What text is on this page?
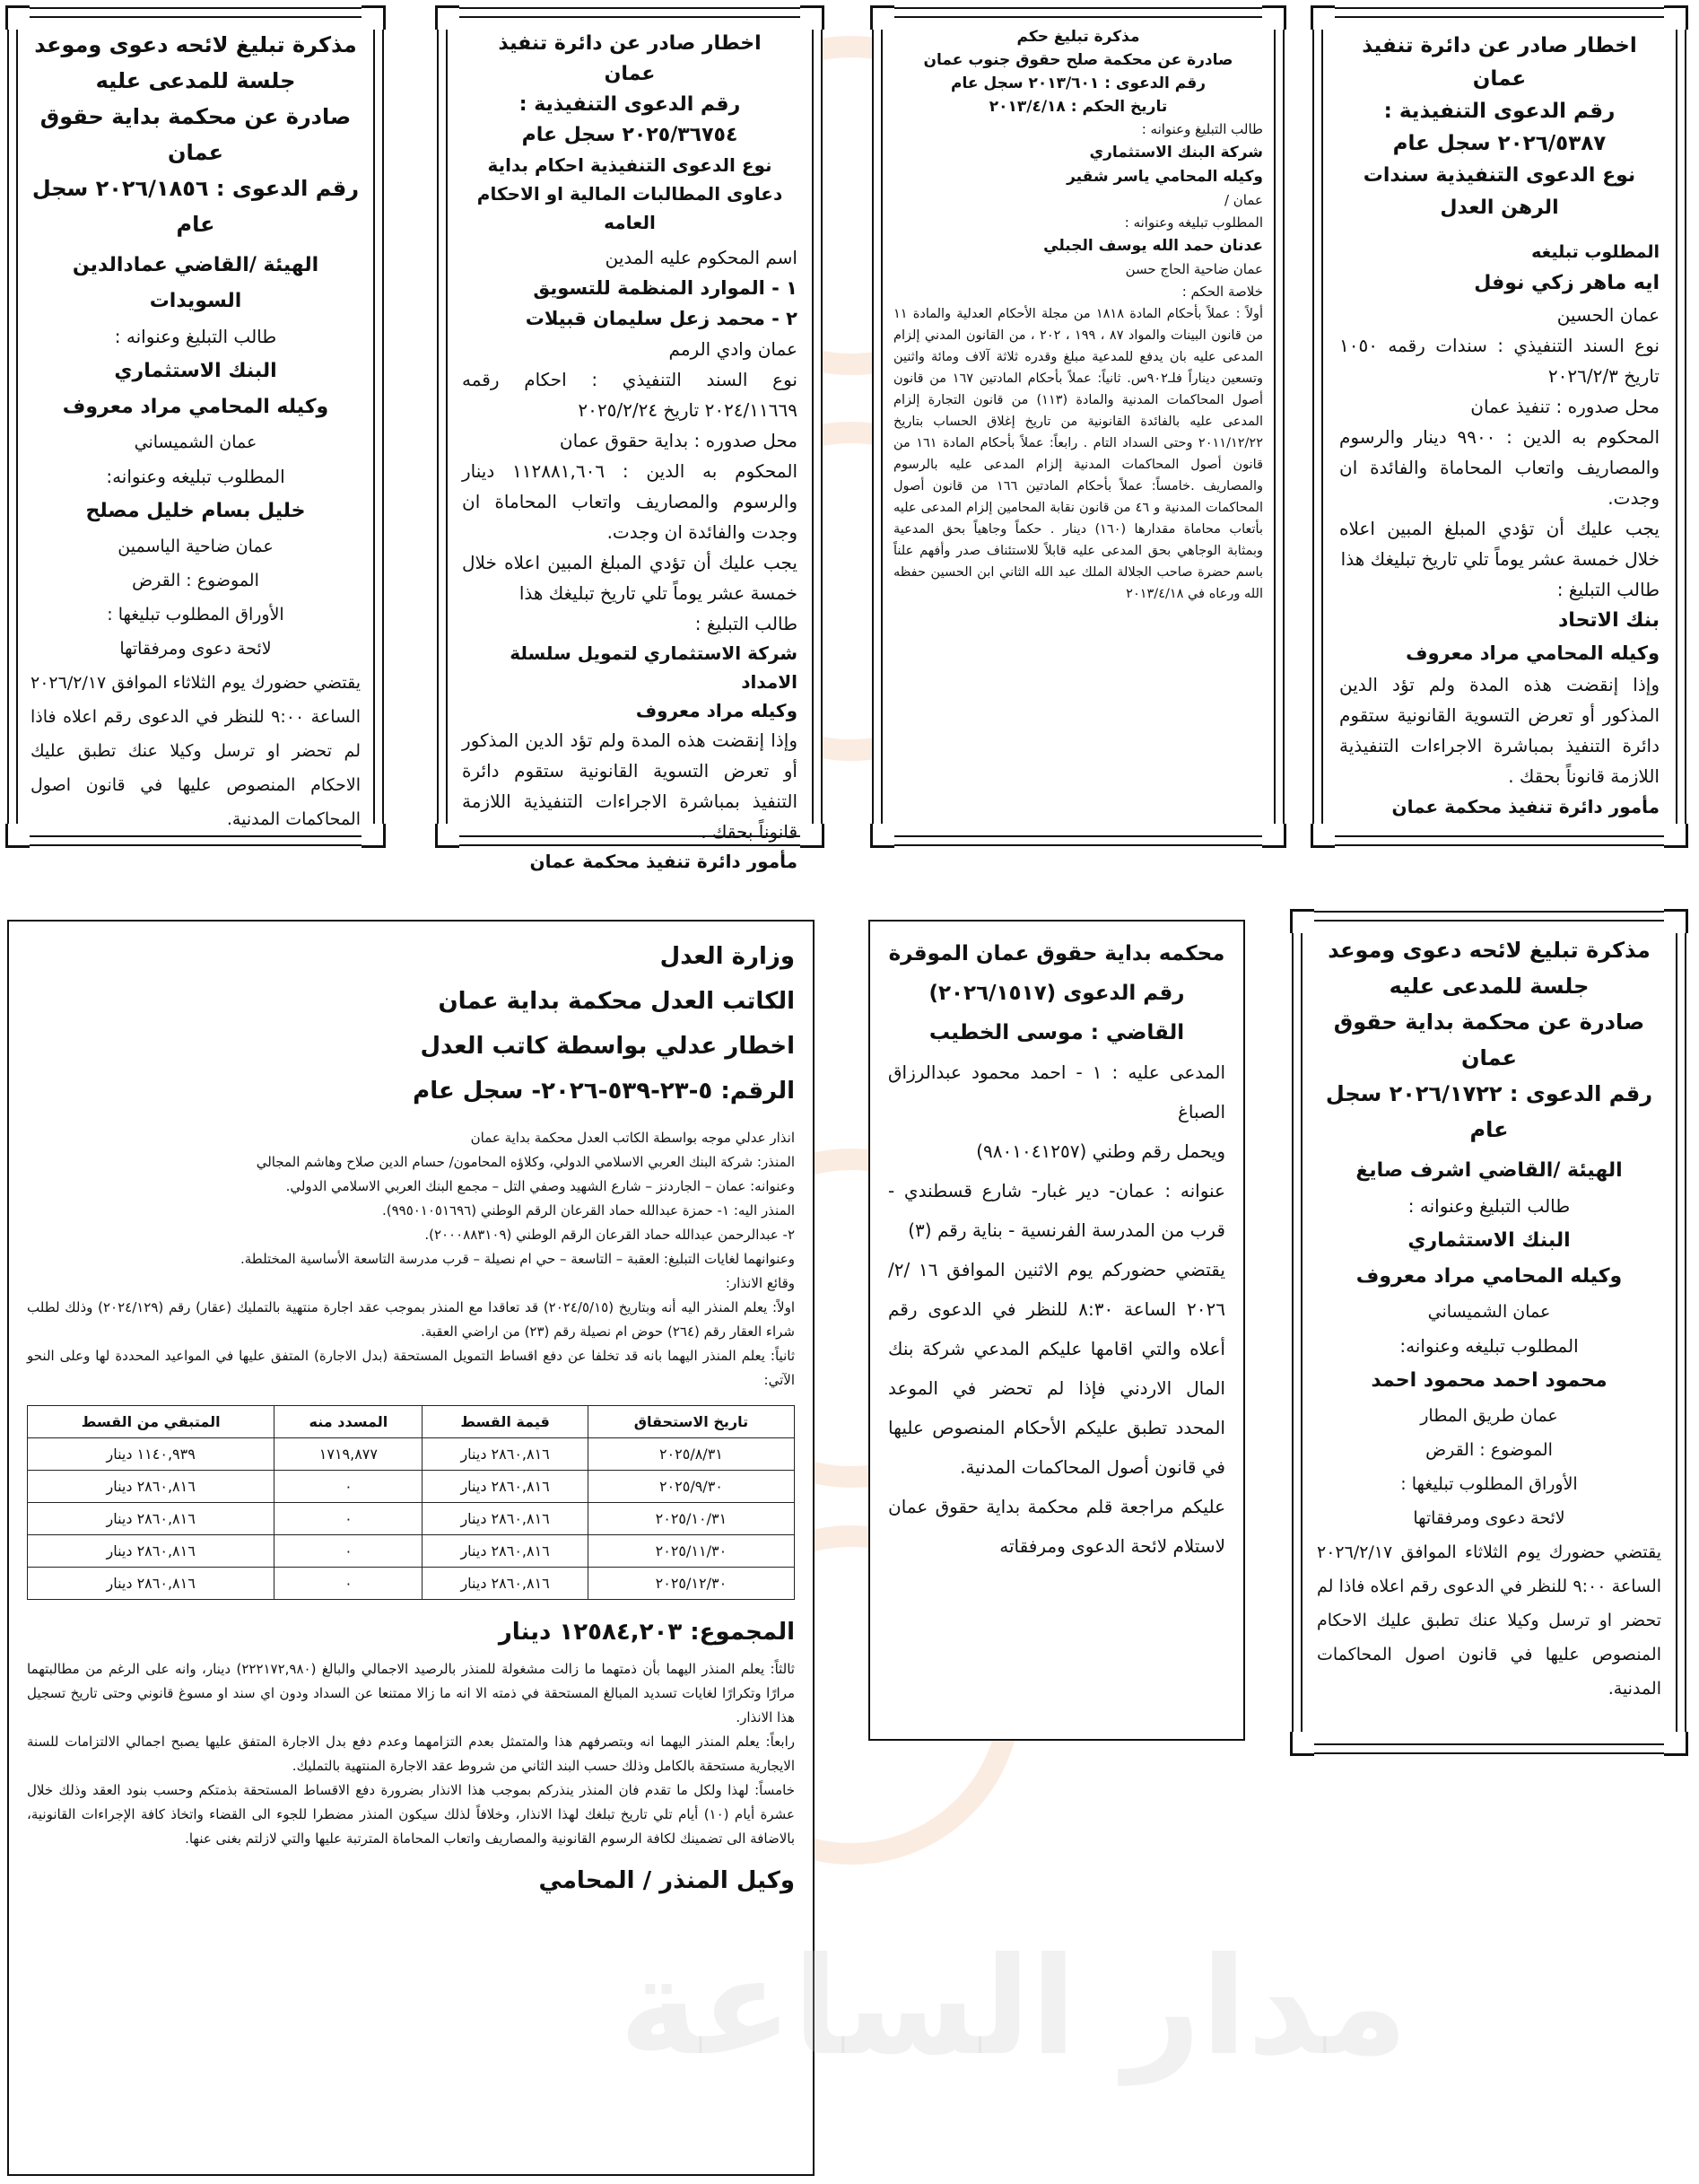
اخطار صادر عن دائرة تنفيذ

عمان

رقم الدعوى التنفيذية :

٢٠٢٦/٥٣٨٧ سجل عام

نوع الدعوى التنفيذية سندات الرهن العدل

المطلوب تبليغه

ايه ماهر زكي نوفل

عمان الحسين

نوع السند التنفيذي : سندات رقمه ١٠٥٠ تاريخ ٢٠٢٦/٢/٣

محل صدوره : تنفيذ عمان

المحكوم به الدين : ٩٩٠٠ دينار والرسوم والمصاريف واتعاب المحاماة والفائدة ان وجدت.

يجب عليك أن تؤدي المبلغ المبين اعلاه خلال خمسة عشر يوماً تلي تاريخ تبليغك هذا

طالب التبليغ :

بنك الاتحاد

وكيله المحامي مراد معروف

وإذا إنقضت هذه المدة ولم تؤد الدين المذكور أو تعرض التسوية القانونية ستقوم دائرة التنفيذ بمباشرة الاجراءات التنفيذية اللازمة قانوناً بحقك .

مأمور دائرة تنفيذ محكمة عمان

مذكرة تبليغ حكم

صادرة عن محكمة صلح حقوق جنوب عمان

رقم الدعوى : ٢٠١٣/٦٠١ سجل عام

تاريخ الحكم : ٢٠١٣/٤/١٨

طالب التبليغ وعنوانه :

شركة البنك الاستثماري

وكيله المحامي ياسر شقير

عمان /

المطلوب تبليغه وعنوانه :

عدنان حمد الله يوسف الجبلي

عمان ضاحية الحاج حسن

خلاصة الحكم :

أولاً : عملاً بأحكام المادة ١٨١٨ من مجلة الأحكام العدلية والمادة ١١ من قانون البينات والمواد ٨٧ ، ١٩٩ ، ٢٠٢ ، من القانون المدني إلزام المدعى عليه بان يدفع للمدعية مبلغ وقدره ثلاثة آلاف ومائة واثنين وتسعين ديناراً فلـ٩٠٢س. ثانياً: عملاً بأحكام المادتين ١٦٧ من قانون أصول المحاكمات المدنية والمادة (١١٣) من قانون التجارة إلزام المدعى عليه بالفائدة القانونية من تاريخ إغلاق الحساب بتاريخ ٢٠١١/١٢/٢٢ وحتى السداد التام . رابعاً: عملاً بأحكام المادة ١٦١ من قانون أصول المحاكمات المدنية إلزام المدعى عليه بالرسوم والمصاريف .خامساً: عملاً بأحكام المادتين ١٦٦ من قانون أصول المحاكمات المدنية و ٤٦ من قانون نقابة المحامين إلزام المدعى عليه بأتعاب محاماة مقدارها (١٦٠) دينار . حكماً وجاهياً بحق المدعية وبمثابة الوجاهي بحق المدعى عليه قابلاً للاستئناف صدر وأفهم علناً باسم حضرة صاحب الجلالة الملك عبد الله الثاني ابن الحسين حفظه الله ورعاه في ٢٠١٣/٤/١٨

اخطار صادر عن دائرة تنفيذ

عمان

رقم الدعوى التنفيذية :

٢٠٢٥/٣٦٧٥٤ سجل عام

نوع الدعوى التنفيذية احكام بداية دعاوى المطالبات المالية او الاحكام العامه

اسم المحكوم عليه المدين

١ - الموارد المنظمة للتسويق

٢ - محمد زعل سليمان قبيلات

عمان وادي الرمم

نوع السند التنفيذي : احكام رقمه ٢٠٢٤/١١٦٦٩ تاريخ ٢٠٢٥/٢/٢٤

محل صدوره : بداية حقوق عمان

المحكوم به الدين : ١١٢٨٨١,٦٠٦ دينار والرسوم والمصاريف واتعاب المحاماة ان وجدت والفائدة ان وجدت.

يجب عليك أن تؤدي المبلغ المبين اعلاه خلال خمسة عشر يوماً تلي تاريخ تبليغك هذا

طالب التبليغ :

شركة الاستثماري لتمويل سلسلة الامداد

وكيله مراد معروف

وإذا إنقضت هذه المدة ولم تؤد الدين المذكور أو تعرض التسوية القانونية ستقوم دائرة التنفيذ بمباشرة الاجراءات التنفيذية اللازمة قانوناً بحقك .

مأمور دائرة تنفيذ محكمة عمان

مذكرة تبليغ لائحه دعوى وموعد جلسة للمدعى عليه

صادرة عن محكمة بداية حقوق عمان

رقم الدعوى : ٢٠٢٦/١٨٥٦ سجل عام

الهيئة /القاضي عمادالدين السويدات

طالب التبليغ وعنوانه :

البنك الاستثماري

وكيله المحامي مراد معروف

عمان الشميساني

المطلوب تبليغه وعنوانه:

خليل بسام خليل مصلح

عمان ضاحية الياسمين

الموضوع : القرض

الأوراق المطلوب تبليغها :

لائحة دعوى ومرفقاتها

يقتضي حضورك يوم الثلاثاء الموافق ٢٠٢٦/٢/١٧ الساعة ٩:٠٠ للنظر في الدعوى رقم اعلاه فاذا لم تحضر او ترسل وكيلا عنك تطبق عليك الاحكام المنصوص عليها في قانون اصول المحاكمات المدنية.

مذكرة تبليغ لائحه دعوى وموعد جلسة للمدعى عليه

صادرة عن محكمة بداية حقوق عمان

رقم الدعوى : ٢٠٢٦/١٧٢٢ سجل عام

الهيئة /القاضي اشرف صايغ

طالب التبليغ وعنوانه :

البنك الاستثماري

وكيله المحامي مراد معروف

عمان الشميساني

المطلوب تبليغه وعنوانه:

محمود احمد محمود احمد

عمان طريق المطار

الموضوع : القرض

الأوراق المطلوب تبليغها :

لائحة دعوى ومرفقاتها

يقتضي حضورك يوم الثلاثاء الموافق ٢٠٢٦/٢/١٧ الساعة ٩:٠٠ للنظر في الدعوى رقم اعلاه فاذا لم تحضر او ترسل وكيلا عنك تطبق عليك الاحكام المنصوص عليها في قانون اصول المحاكمات المدنية.

محكمه بداية حقوق عمان الموقرة

رقم الدعوى (٢٠٢٦/١٥١٧)

القاضي : موسى الخطيب

المدعى عليه : ١ - احمد محمود عبدالرزاق الصباغ

ويحمل رقم وطني (٩٨٠١٠٤١٢٥٧)

عنوانه : عمان- دير غبار- شارع قسطندي - قرب من المدرسة الفرنسية - بناية رقم (٣)

يقتضي حضوركم يوم الاثنين الموافق ١٦ /٢/ ٢٠٢٦ الساعة ٨:٣٠ للنظر في الدعوى رقم أعلاه والتي اقامها عليكم المدعي شركة بنك المال الاردني فإذا لم تحضر في الموعد المحدد تطبق عليكم الأحكام المنصوص عليها في قانون أصول المحاكمات المدنية.

عليكم مراجعة قلم محكمة بداية حقوق عمان لاستلام لائحة الدعوى ومرفقاته

وزارة العدل

الكاتب العدل محكمة بداية عمان

اخطار عدلي بواسطة كاتب العدل

الرقم: ٥-٢٣-٥٣٩-٢٠٢٦- سجل عام

انذار عدلي موجه بواسطة الكاتب العدل محكمة بداية عمان

المنذر: شركة البنك العربي الاسلامي الدولي، وكلاؤه المحامون/ حسام الدين صلاح وهاشم المجالي

وعنوانه: عمان – الجاردنز – شارع الشهيد وصفي التل – مجمع البنك العربي الاسلامي الدولي.

المنذر اليه: ١- حمزة عبدالله حماد القرعان الرقم الوطني (٩٩٥٠١٠٥١٦٩٦).

٢- عبدالرحمن عبدالله حماد القرعان الرقم الوطني (٢٠٠٠٨٨٣١٠٩).

وعنوانهما لغايات التبليغ: العقبة – التاسعة – حي ام نصيلة – قرب مدرسة التاسعة الأساسية المختلطة.

وقائع الانذار:

اولاً: يعلم المنذر اليه أنه وبتاريخ (٢٠٢٤/٥/١٥) قد تعاقدا مع المنذر بموجب عقد اجارة منتهية بالتمليك (عقار) رقم (٢٠٢٤/١٢٩) وذلك لطلب شراء العقار رقم (٢٦٤) حوض ام نصيلة رقم (٢٣) من اراضي العقبة.

ثانياً: يعلم المنذر اليهما بانه قد تخلفا عن دفع اقساط التمويل المستحقة (بدل الاجارة) المتفق عليها في المواعيد المحددة لها وعلى النحو الآتي:

تاريخ الاستحقاق	قيمة القسط	المسدد منه	المتبقي من القسط
٢٠٢٥/٨/٣١	٢٨٦٠,٨١٦ دينار	١٧١٩,٨٧٧	١١٤٠,٩٣٩ دينار
٢٠٢٥/٩/٣٠	٢٨٦٠,٨١٦ دينار	٠	٢٨٦٠,٨١٦ دينار
٢٠٢٥/١٠/٣١	٢٨٦٠,٨١٦ دينار	٠	٢٨٦٠,٨١٦ دينار
٢٠٢٥/١١/٣٠	٢٨٦٠,٨١٦ دينار	٠	٢٨٦٠,٨١٦ دينار
٢٠٢٥/١٢/٣٠	٢٨٦٠,٨١٦ دينار	٠	٢٨٦٠,٨١٦ دينار

المجموع: ١٢٥٨٤,٢٠٣ دينار

ثالثاً: يعلم المنذر اليهما بأن ذمتهما ما زالت مشغولة للمنذر بالرصيد الاجمالي والبالغ (٢٢٢١٧٢,٩٨٠) دينار، وانه على الرغم من مطالبتهما مرارًا وتكرارًا لغايات تسديد المبالغ المستحقة في ذمته الا انه ما زالا ممتنعا عن السداد ودون اي سند او مسوغ قانوني وحتى تاريخ تسجيل هذا الانذار.

رابعاً: يعلم المنذر اليهما انه وبتصرفهم هذا والمتمثل بعدم التزامهما وعدم دفع بدل الاجارة المتفق عليها يصبح اجمالي الالتزامات للسنة الايجارية مستحقة بالكامل وذلك حسب البند الثاني من شروط عقد الاجارة المنتهية بالتمليك.

خامساً: لهذا ولكل ما تقدم فان المنذر ينذركم بموجب هذا الانذار بضرورة دفع الاقساط المستحقة بذمتكم وحسب بنود العقد وذلك خلال عشرة أيام (١٠) أيام تلي تاريخ تبلغك لهذا الانذار، وخلافاً لذلك سيكون المنذر مضطرا للجوء الى القضاء واتخاذ كافة الإجراءات القانونية، بالاضافة الى تضمينك لكافة الرسوم القانونية والمصاريف واتعاب المحاماة المترتبة عليها والتي لازلتم بغنى عنها.

وكيل المنذر / المحامي

مدار الساعة
